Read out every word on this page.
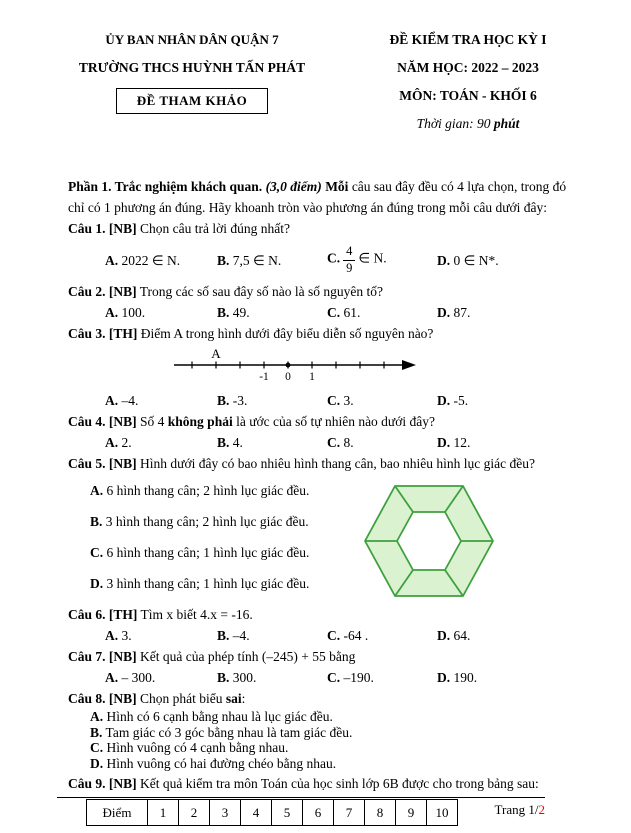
ỦY BAN NHÂN DÂN QUẬN 7
TRƯỜNG THCS HUỲNH TẤN PHÁT
ĐỀ THAM KHẢO
ĐỀ KIỂM TRA HỌC KỲ I
NĂM HỌC: 2022 – 2023
MÔN: TOÁN - KHỐI 6
Thời gian: 90 phút

Phần 1. Trắc nghiệm khách quan. (3,0 điểm) Mỗi câu sau đây đều có 4 lựa chọn, trong đó chỉ có 1 phương án đúng. Hãy khoanh tròn vào phương án đúng trong mỗi câu dưới đây:

Câu 1. [NB] Chọn câu trả lời đúng nhất?

A. 2022 ∈ N.	B. 7,5 ∈ N.	C. $\frac{4}{9}$ ∈ N.	D. 0 ∈ N*.

Câu 2. [NB] Trong các số sau đây số nào là số nguyên tố?

A. 100.	B. 49.	C. 61.	D. 87.

Câu 3. [TH] Điểm A trong hình dưới đây biểu diễn số nguyên nào?

A
-1 0 1
A. –4.	B. -3.	C. 3.	D. -5.

Câu 4. [NB] Số 4 không phải là ước của số tự nhiên nào dưới đây?

A. 2.	B. 4.	C. 8.	D. 12.

Câu 5. [NB] Hình dưới đây có bao nhiêu hình thang cân, bao nhiêu hình lục giác đều?

A. 6 hình thang cân; 2 hình lục giác đều.
B. 3 hình thang cân; 2 hình lục giác đều.
C. 6 hình thang cân; 1 hình lục giác đều.
D. 3 hình thang cân; 1 hình lục giác đều.

Câu 6. [TH] Tìm x biết 4.x = -16.

A. 3.	B. –4.	C. -64 .	D. 64.

Câu 7. [NB] Kết quả của phép tính (–245) + 55 bằng

A. – 300.	B. 300.	C. –190.	D. 190.

Câu 8. [NB] Chọn phát biểu sai:

A. Hình có 6 cạnh bằng nhau là lục giác đều.
B. Tam giác có 3 góc bằng nhau là tam giác đều.
C. Hình vuông có 4 cạnh bằng nhau.
D. Hình vuông có hai đường chéo bằng nhau.

Câu 9. [NB] Kết quả kiểm tra môn Toán của học sinh lớp 6B được cho trong bảng sau:

Điểm	1	2	3	4	5	6	7	8	9	10	Trang 1/2
